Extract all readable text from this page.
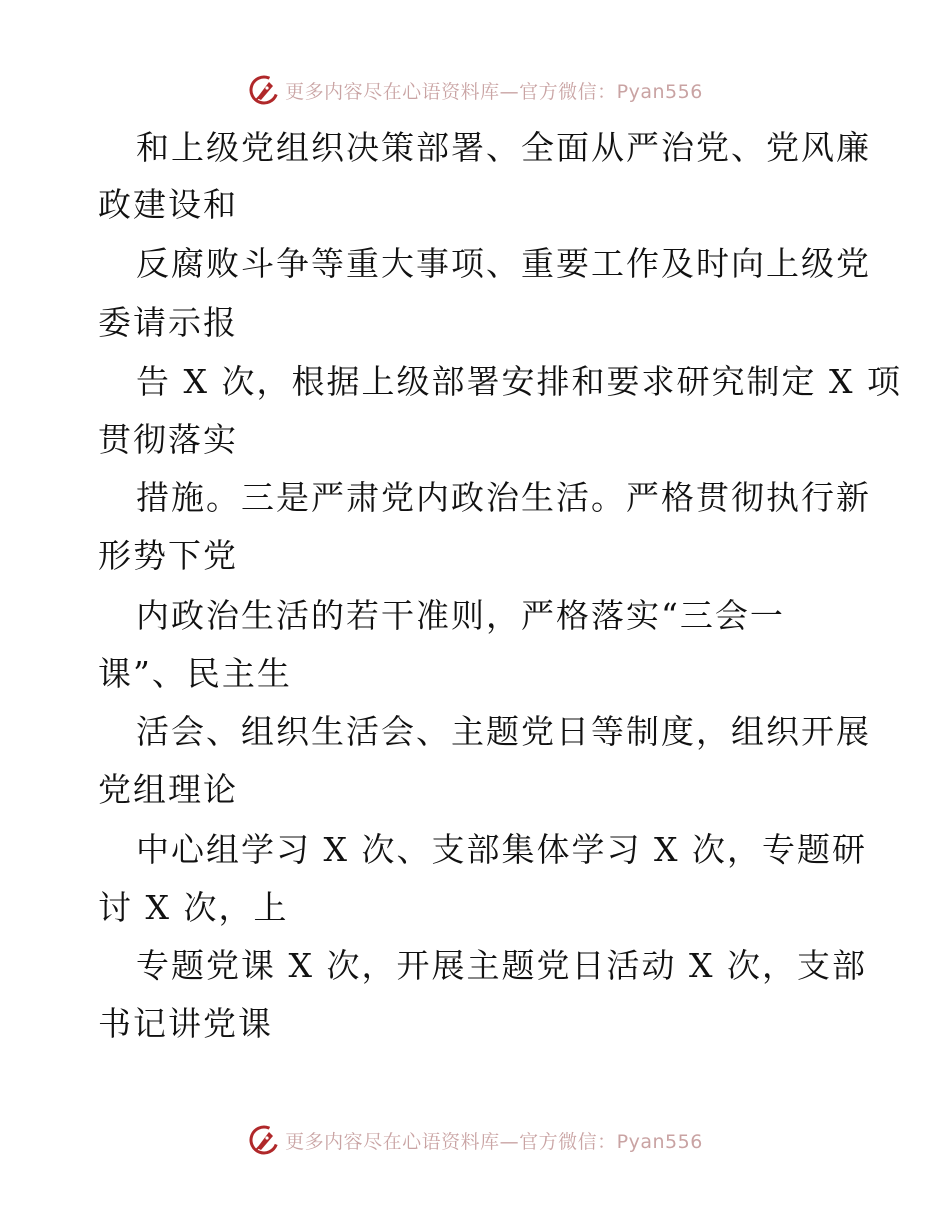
更多内容尽在心语资料库—官方微信：Pyan556
和上级党组织决策部署、全面从严治党、党风廉
政建设和
反腐败斗争等重大事项、重要工作及时向上级党
委请示报
告 X 次，根据上级部署安排和要求研究制定 X 项
贯彻落实
措施。三是严肃党内政治生活。严格贯彻执行新
形势下党
内政治生活的若干准则，严格落实“三会一
课”、民主生
活会、组织生活会、主题党日等制度，组织开展
党组理论
中心组学习 X 次、支部集体学习 X 次，专题研
讨 X 次，上
专题党课 X 次，开展主题党日活动 X 次，支部
书记讲党课
更多内容尽在心语资料库—官方微信：Pyan556
